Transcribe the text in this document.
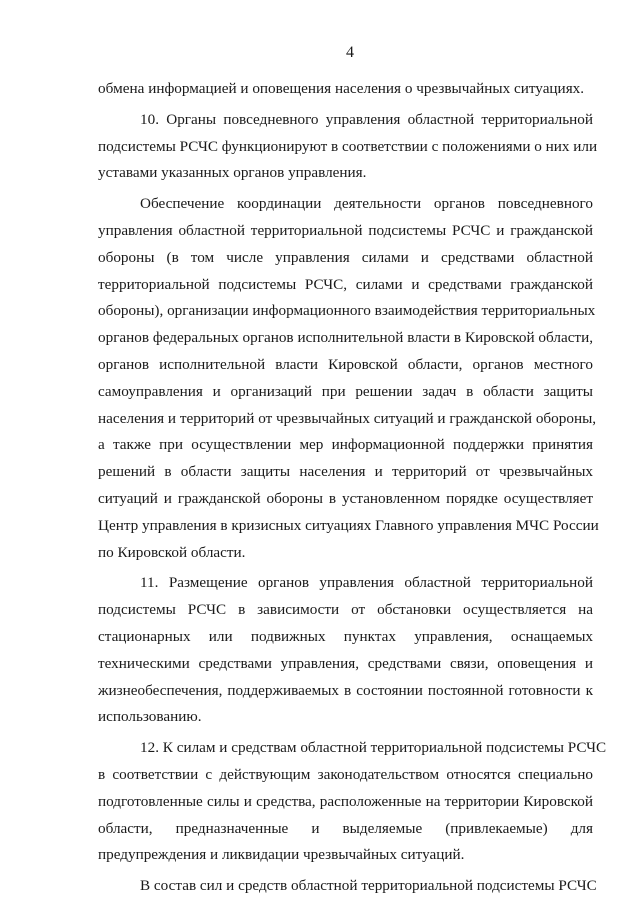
4
обмена информацией и оповещения населения о чрезвычайных ситуациях.
10. Органы повседневного управления областной территориальной
подсистемы РСЧС функционируют в соответствии с положениями о них или
уставами указанных органов управления.
Обеспечение координации деятельности органов повседневного
управления областной территориальной подсистемы РСЧС и гражданской
обороны (в том числе управления силами и средствами областной
территориальной подсистемы РСЧС, силами и средствами гражданской
обороны), организации информационного взаимодействия территориальных
органов федеральных органов исполнительной власти в Кировской области,
органов исполнительной власти Кировской области, органов местного
самоуправления и организаций при решении задач в области защиты
населения и территорий от чрезвычайных ситуаций и гражданской обороны,
а также при осуществлении мер информационной поддержки принятия
решений в области защиты населения и территорий от чрезвычайных
ситуаций и гражданской обороны в установленном порядке осуществляет
Центр управления в кризисных ситуациях Главного управления МЧС России
по Кировской области.
11. Размещение органов управления областной территориальной
подсистемы РСЧС в зависимости от обстановки осуществляется на
стационарных или подвижных пунктах управления, оснащаемых
техническими средствами управления, средствами связи, оповещения и
жизнеобеспечения, поддерживаемых в состоянии постоянной готовности к
использованию.
12. К силам и средствам областной территориальной подсистемы РСЧС
в соответствии с действующим законодательством относятся специально
подготовленные силы и средства, расположенные на территории Кировской
области, предназначенные и выделяемые (привлекаемые) для
предупреждения и ликвидации чрезвычайных ситуаций.
В состав сил и средств областной территориальной подсистемы РСЧС
